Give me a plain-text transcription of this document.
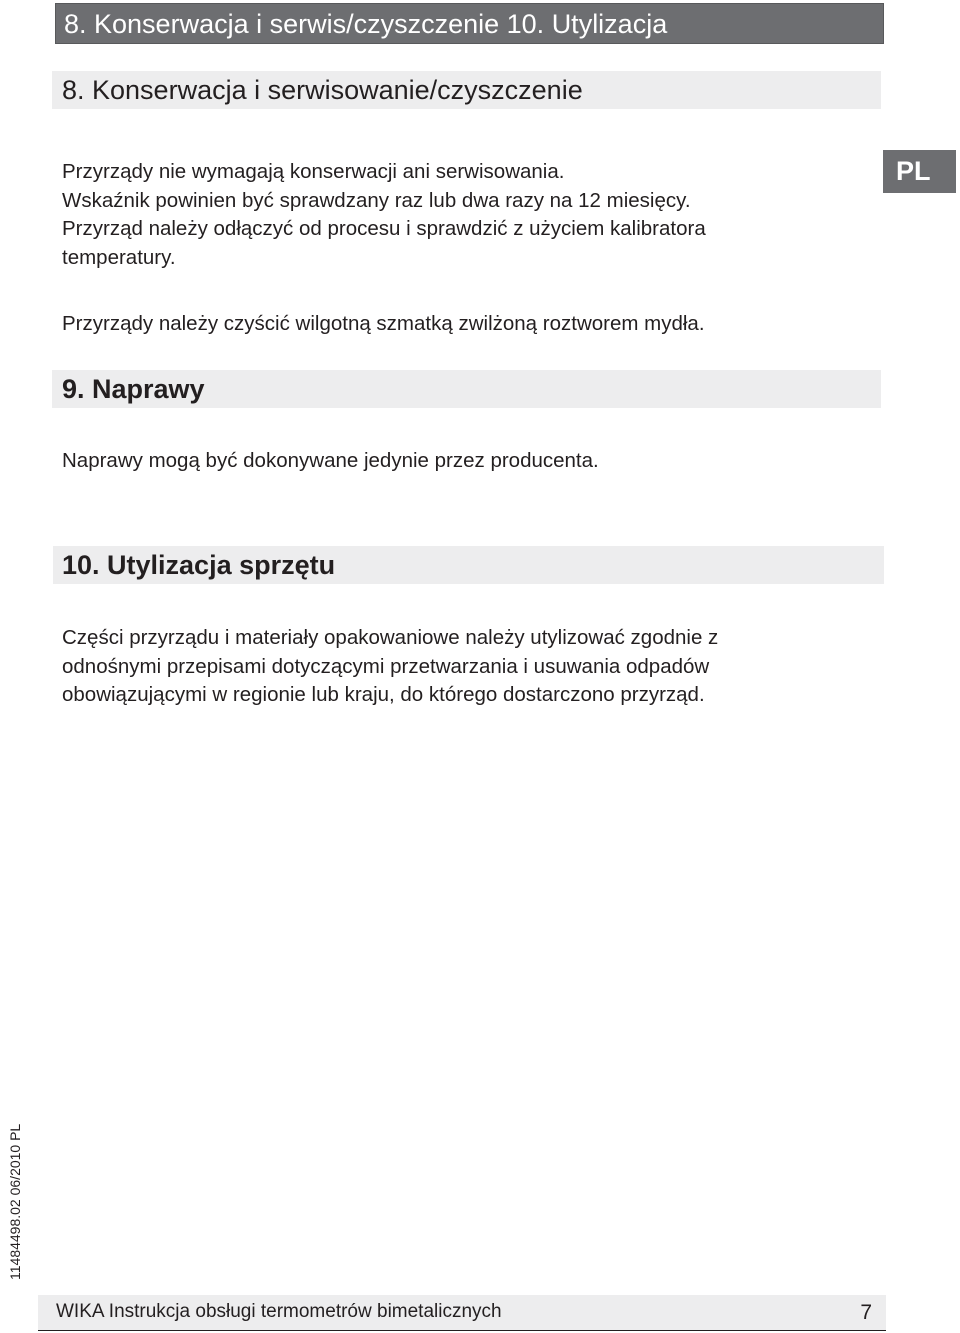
8. Konserwacja i serwis/czyszczenie 10. Utylizacja
PL
8. Konserwacja i serwisowanie/czyszczenie

Przyrządy nie wymagają konserwacji ani serwisowania.
Wskaźnik powinien być sprawdzany raz lub dwa razy na 12 miesięcy.
Przyrząd należy odłączyć od procesu i sprawdzić z użyciem kalibratora
temperatury.

Przyrządy należy czyścić wilgotną szmatką zwilżoną roztworem mydła.

9. Naprawy

Naprawy mogą być dokonywane jedynie przez producenta.

10. Utylizacja sprzętu

Części przyrządu i materiały opakowaniowe należy utylizować zgodnie z
odnośnymi przepisami dotyczącymi przetwarzania i usuwania odpadów
obowiązującymi w regionie lub kraju, do którego dostarczono przyrząd.

11484498.02 06/2010 PL
WIKA Instrukcja obsługi termometrów bimetalicznych	7
